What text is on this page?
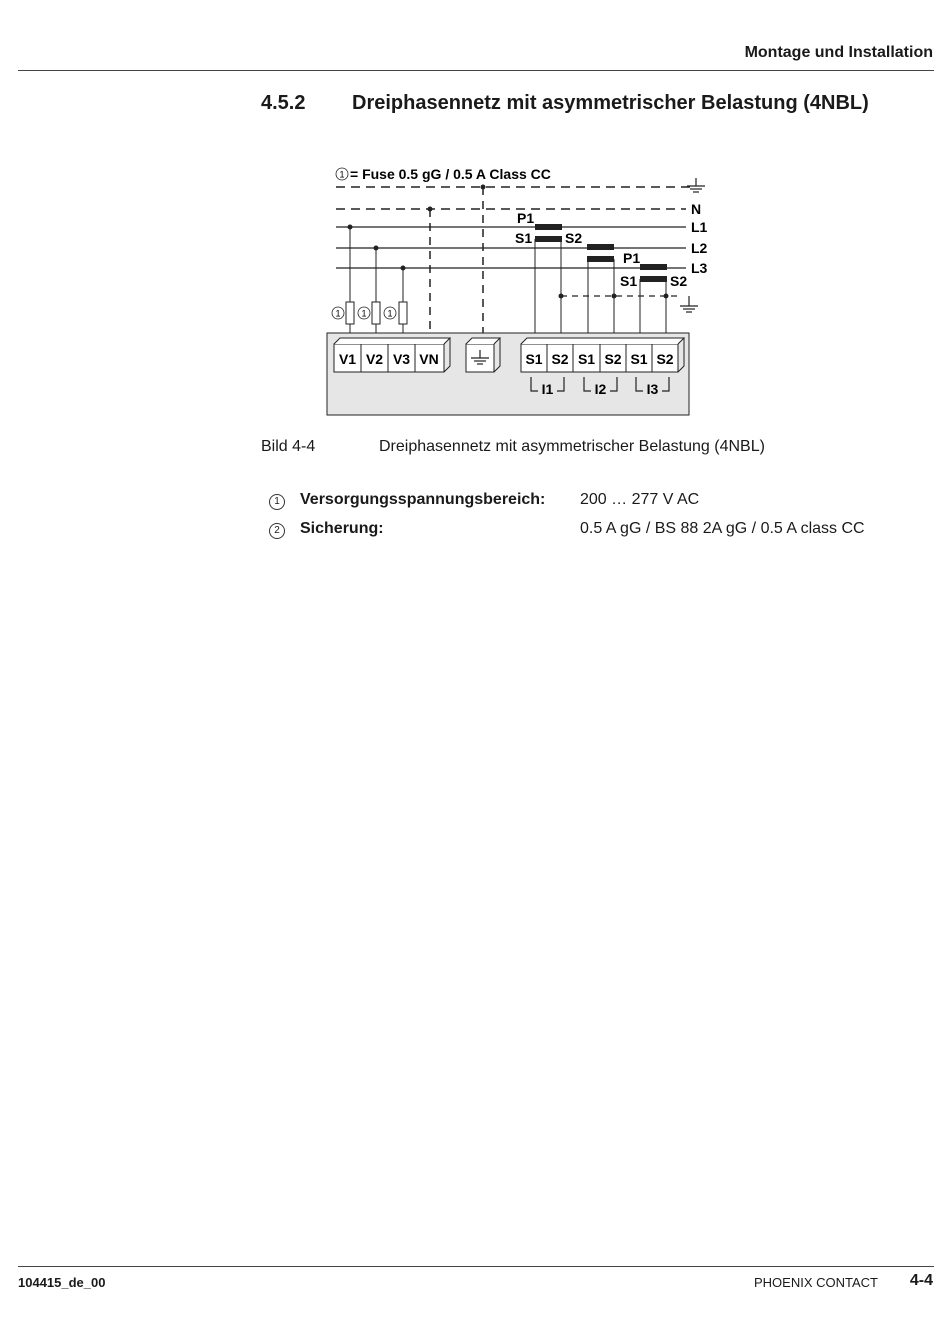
Montage und Installation
4.5.2 Dreiphasennetz mit asymmetrischer Belastung (4NBL)
1 = Fuse 0.5 gG / 0.5 A Class CC
N
L1
L2
L3
1 1 1
P1
S1 S2
P1
S1 S2
V1 V2 V3 VN	S1 S2 S1 S2 S1 S2
I1	I2	I3
Bild 4-4	Dreiphasennetz mit asymmetrischer Belastung (4NBL)
1	Versorgungsspannungsbereich: 200 … 277 V AC
2	Sicherung:	0.5 A gG / BS 88 2A gG / 0.5 A class CC
104415_de_00	PHOENIX CONTACT 4-4
